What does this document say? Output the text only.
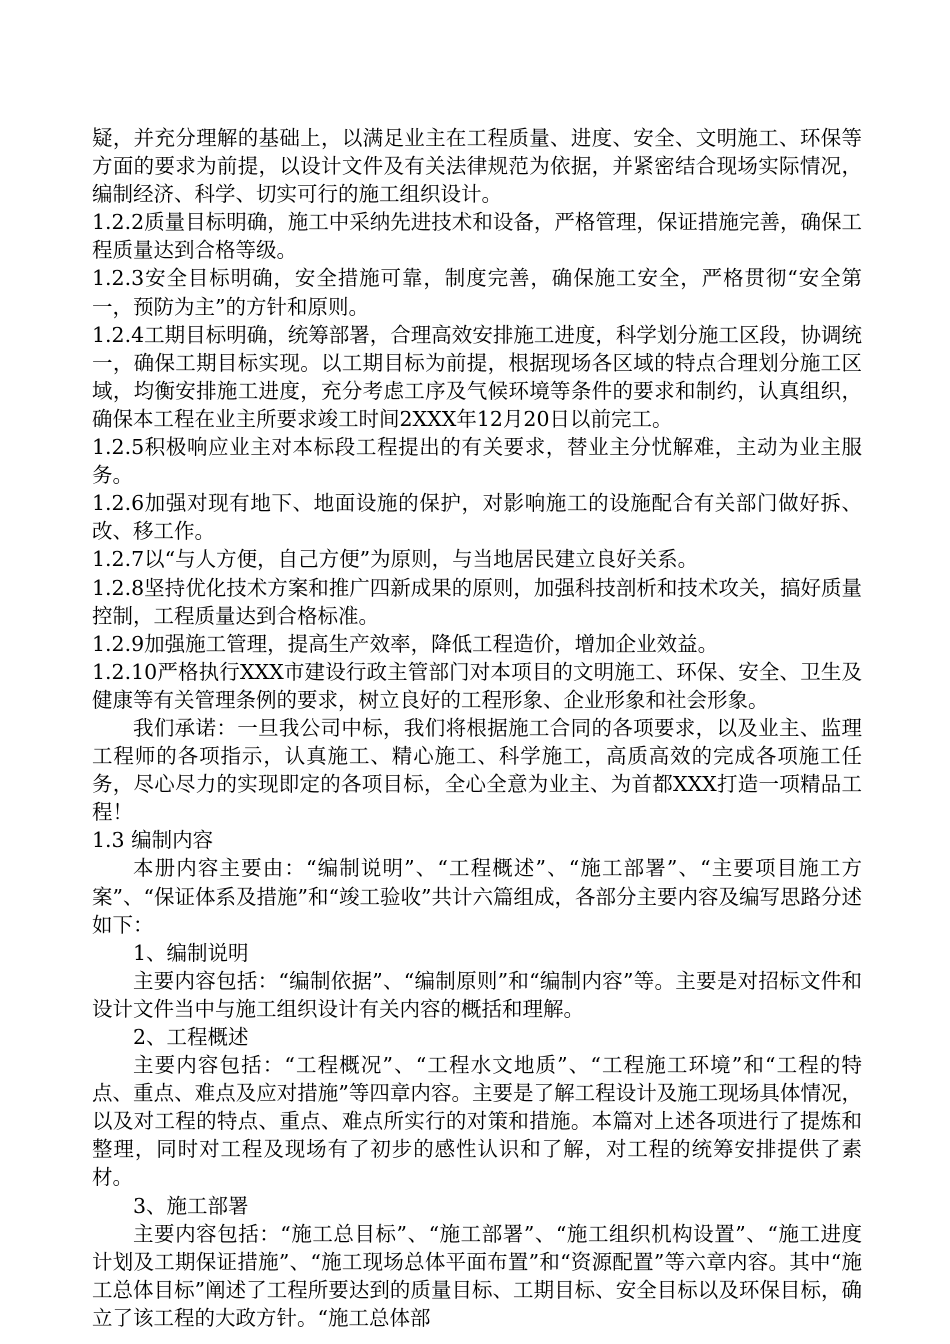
疑，并充分理解的基础上，以满足业主在工程质量、进度、安全、文明施工、环保等方面的要求为前提，以设计文件及有关法律规范为依据，并紧密结合现场实际情况，编制经济、科学、切实可行的施工组织设计。

1.2.2质量目标明确，施工中采纳先进技术和设备，严格管理，保证措施完善，确保工程质量达到合格等级。

1.2.3安全目标明确，安全措施可靠，制度完善，确保施工安全，严格贯彻“安全第一，预防为主”的方针和原则。

1.2.4工期目标明确，统筹部署，合理高效安排施工进度，科学划分施工区段，协调统一，确保工期目标实现。以工期目标为前提，根据现场各区域的特点合理划分施工区域，均衡安排施工进度，充分考虑工序及气候环境等条件的要求和制约，认真组织，确保本工程在业主所要求竣工时间2XXX年12月20日以前完工。

1.2.5积极响应业主对本标段工程提出的有关要求，替业主分忧解难，主动为业主服务。

1.2.6加强对现有地下、地面设施的保护，对影响施工的设施配合有关部门做好拆、改、移工作。

1.2.7以“与人方便，自己方便”为原则，与当地居民建立良好关系。

1.2.8坚持优化技术方案和推广四新成果的原则，加强科技剖析和技术攻关，搞好质量控制，工程质量达到合格标准。

1.2.9加强施工管理，提高生产效率，降低工程造价，增加企业效益。

1.2.10严格执行XXX市建设行政主管部门对本项目的文明施工、环保、安全、卫生及健康等有关管理条例的要求，树立良好的工程形象、企业形象和社会形象。

我们承诺：一旦我公司中标，我们将根据施工合同的各项要求，以及业主、监理工程师的各项指示，认真施工、精心施工、科学施工，高质高效的完成各项施工任务，尽心尽力的实现即定的各项目标，全心全意为业主、为首都XXX打造一项精品工程！

1.3 编制内容

本册内容主要由：“编制说明”、“工程概述”、“施工部署”、“主要项目施工方案”、“保证体系及措施”和“竣工验收”共计六篇组成，各部分主要内容及编写思路分述如下：

1、编制说明

主要内容包括：“编制依据”、“编制原则”和“编制内容”等。主要是对招标文件和设计文件当中与施工组织设计有关内容的概括和理解。

2、工程概述

主要内容包括：“工程概况”、“工程水文地质”、“工程施工环境”和“工程的特点、重点、难点及应对措施”等四章内容。主要是了解工程设计及施工现场具体情况，以及对工程的特点、重点、难点所实行的对策和措施。本篇对上述各项进行了提炼和整理，同时对工程及现场有了初步的感性认识和了解，对工程的统筹安排提供了素材。

3、施工部署

主要内容包括：“施工总目标”、“施工部署”、“施工组织机构设置”、“施工进度计划及工期保证措施”、“施工现场总体平面布置”和“资源配置”等六章内容。其中“施工总体目标”阐述了工程所要达到的质量目标、工期目标、安全目标以及环保目标，确立了该工程的大政方针。“施工总体部
